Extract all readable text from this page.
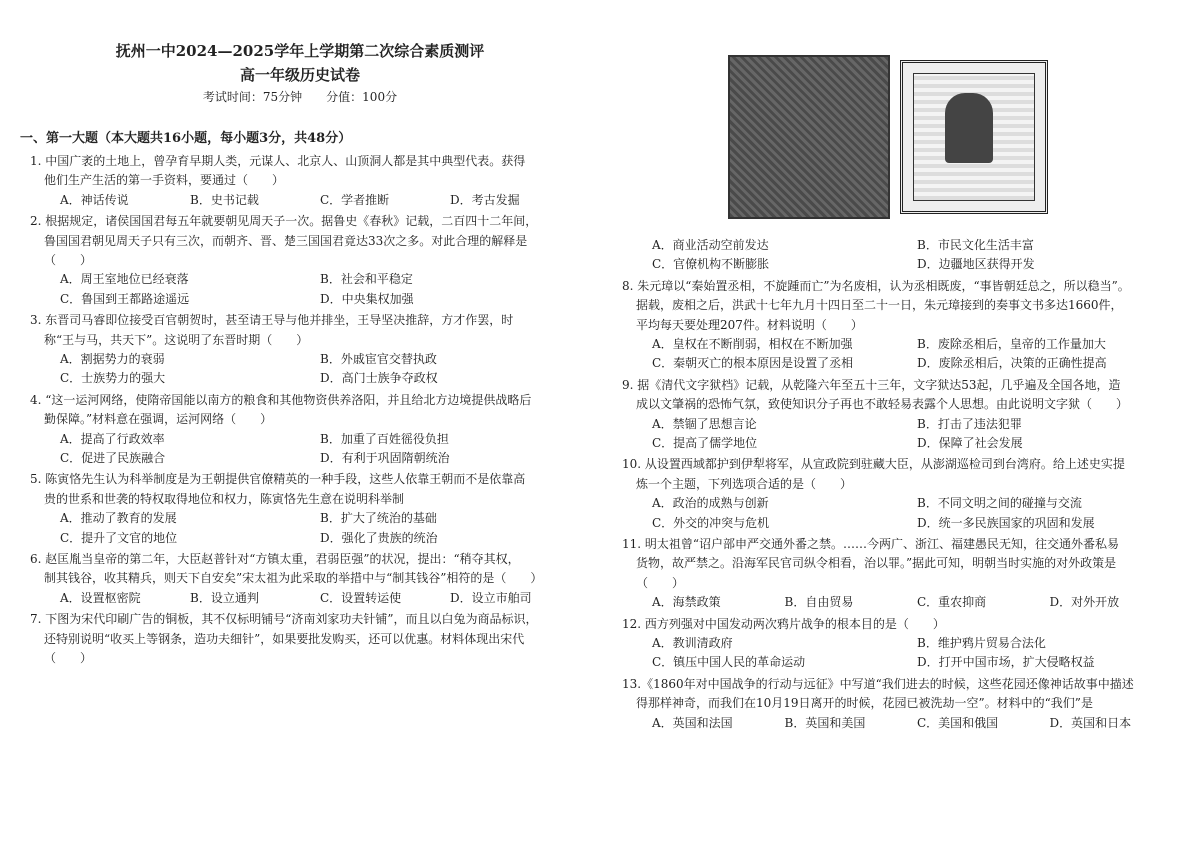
抚州一中2024—2025学年上学期第二次综合素质测评
高一年级历史试卷
考试时间：75分钟　　分值：100分
一、第一大题（本大题共16小题，每小题3分，共48分）
1. 中国广袤的土地上，曾孕育早期人类，元谋人、北京人、山顶洞人都是其中典型代表。获得
他们生产生活的第一手资料，要通过（　　）
A．神话传说	B．史书记载	C．学者推断	D．考古发掘
2. 根据规定，诸侯国国君每五年就要朝见周天子一次。据鲁史《春秋》记载，二百四十二年间，
鲁国国君朝见周天子只有三次，而朝齐、晋、楚三国国君竟达33次之多。对此合理的解释是
（　　）
A．周王室地位已经衰落	B．社会和平稳定
C．鲁国到王都路途遥远	D．中央集权加强
3. 东晋司马睿即位接受百官朝贺时，甚至请王导与他并排坐，王导坚决推辞，方才作罢，时
称“王与马，共天下”。这说明了东晋时期（　　）
A．割据势力的衰弱	B．外戚宦官交替执政
C．士族势力的强大	D．高门士族争夺政权
4. “这一运河网络，使隋帝国能以南方的粮食和其他物资供养洛阳，并且给北方边境提供战略后
勤保障。”材料意在强调，运河网络（　　）
A．提高了行政效率	B．加重了百姓徭役负担
C．促进了民族融合	D．有利于巩固隋朝统治
5. 陈寅恪先生认为科举制度是为王朝提供官僚精英的一种手段，这些人依靠王朝而不是依靠高
贵的世系和世袭的特权取得地位和权力，陈寅恪先生意在说明科举制
A．推动了教育的发展	B．扩大了统治的基础
C．提升了文官的地位	D．强化了贵族的统治
6. 赵匡胤当皇帝的第二年，大臣赵普针对“方镇太重，君弱臣强”的状况，提出：“稍夺其权，
制其钱谷，收其精兵，则天下自安矣”宋太祖为此采取的举措中与“制其钱谷”相符的是（　　）
A．设置枢密院	B．设立通判	C．设置转运使	D．设立市舶司
7. 下图为宋代印刷广告的铜板，其不仅标明铺号“济南刘家功夫针铺”，而且以白兔为商品标识，
还特别说明“收买上等钢条，造功夫细针”，如果要批发购买，还可以优惠。材料体现出宋代
（　　）
A．商业活动空前发达	B．市民文化生活丰富
C．官僚机构不断膨胀	D．边疆地区获得开发
8. 朱元璋以“秦始置丞相，不旋踵而亡”为名废相，认为丞相既废，“事皆朝廷总之，所以稳当”。
据载，废相之后，洪武十七年九月十四日至二十一日，朱元璋接到的奏事文书多达1660件，
平均每天要处理207件。材料说明（　　）
A．皇权在不断削弱，相权在不断加强	B．废除丞相后，皇帝的工作量加大
C．秦朝灭亡的根本原因是设置了丞相	D．废除丞相后，决策的正确性提高
9. 据《清代文字狱档》记载，从乾隆六年至五十三年，文字狱达53起，几乎遍及全国各地，造
成以文肇祸的恐怖气氛，致使知识分子再也不敢轻易表露个人思想。由此说明文字狱（　　）
A．禁锢了思想言论	B．打击了违法犯罪
C．提高了儒学地位	D．保障了社会发展
10. 从设置西域都护到伊犁将军，从宣政院到驻藏大臣，从澎湖巡检司到台湾府。给上述史实提
炼一个主题，下列选项合适的是（　　）
A．政治的成熟与创新	B．不同文明之间的碰撞与交流
C．外交的冲突与危机	D．统一多民族国家的巩固和发展
11. 明太祖曾“诏户部申严交通外番之禁。……今两广、浙江、福建愚民无知，往交通外番私易
货物，故严禁之。沿海军民官司纵令相看，治以罪。”据此可知，明朝当时实施的对外政策是
（　　）
A．海禁政策	B．自由贸易	C．重农抑商	D．对外开放
12. 西方列强对中国发动两次鸦片战争的根本目的是（　　）
A．教训清政府	B．维护鸦片贸易合法化
C．镇压中国人民的革命运动	D．打开中国市场，扩大侵略权益
13.《1860年对中国战争的行动与远征》中写道“我们进去的时候，这些花园还像神话故事中描述
得那样神奇，而我们在10月19日离开的时候，花园已被洗劫一空”。材料中的“我们”是
A．英国和法国	B．英国和美国	C．美国和俄国	D．英国和日本
